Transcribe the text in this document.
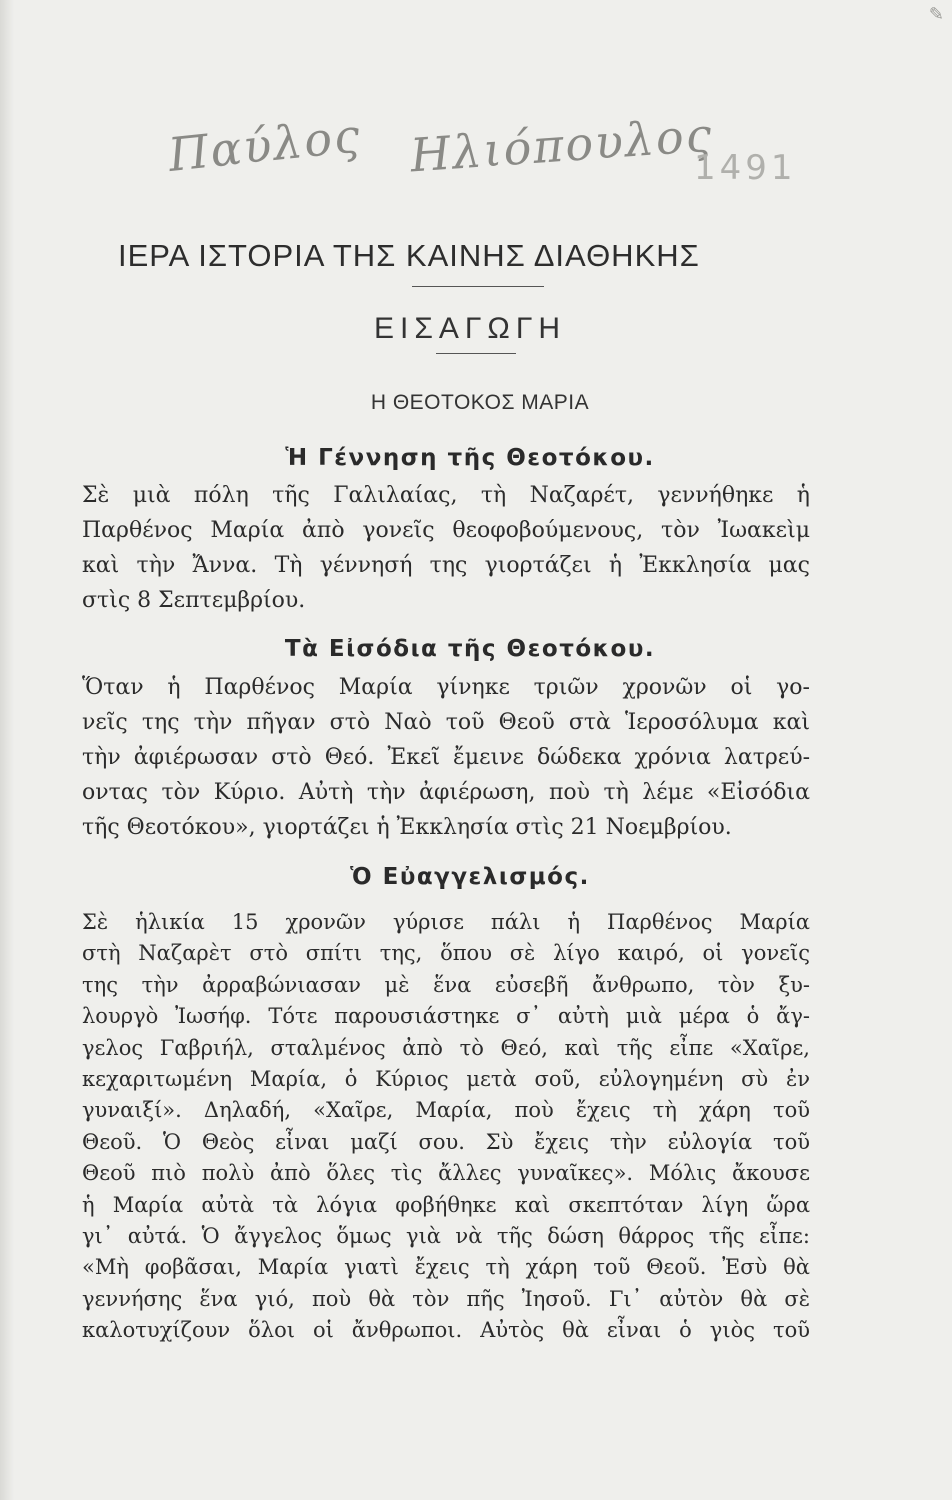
✎
Παύλος Ηλιόπουλος
1491
ΙΕΡΑ ΙΣΤΟΡΙΑ ΤΗΣ ΚΑΙΝΗΣ ΔΙΑΘΗΚΗΣ
ΕΙΣΑΓΩΓΗ
Η ΘΕΟΤΟΚΟΣ ΜΑΡΙΑ
Ἡ Γέννηση τῆς Θεοτόκου.
Σὲ μιὰ πόλη τῆς Γαλιλαίας, τὴ Ναζαρέτ, γεννήθηκε ἡ
Παρθένος Μαρία ἀπὸ γονεῖς θεοφοβούμενους, τὸν Ἰωακεὶμ
καὶ τὴν Ἄννα. Τὴ γέννησή της γιορτάζει ἡ Ἐκκλησία μας
στὶς 8 Σεπτεμβρίου.
Τὰ Εἰσόδια τῆς Θεοτόκου.
Ὅταν ἡ Παρθένος Μαρία γίνηκε τριῶν χρονῶν οἱ γο-
νεῖς της τὴν πῆγαν στὸ Ναὸ τοῦ Θεοῦ στὰ Ἱεροσόλυμα καὶ
τὴν ἀφιέρωσαν στὸ Θεό. Ἐκεῖ ἔμεινε δώδεκα χρόνια λατρεύ-
οντας τὸν Κύριο. Αὐτὴ τὴν ἀφιέρωση, ποὺ τὴ λέμε «Εἰσόδια
τῆς Θεοτόκου», γιορτάζει ἡ Ἐκκλησία στὶς 21 Νοεμβρίου.
Ὁ Εὐαγγελισμός.
Σὲ ἡλικία 15 χρονῶν γύρισε πάλι ἡ Παρθένος Μαρία
στὴ Ναζαρὲτ στὸ σπίτι της, ὅπου σὲ λίγο καιρό, οἱ γονεῖς
της τὴν ἀρραβώνιασαν μὲ ἕνα εὐσεβῆ ἄνθρωπο, τὸν ξυ-
λουργὸ Ἰωσήφ. Τότε παρουσιάστηκε σ᾽ αὐτὴ μιὰ μέρα ὁ ἄγ-
γελος Γαβριήλ, σταλμένος ἀπὸ τὸ Θεό, καὶ τῆς εἶπε «Χαῖρε,
κεχαριτωμένη Μαρία, ὁ Κύριος μετὰ σοῦ, εὐλογημένη σὺ ἐν
γυναιξί». Δηλαδή, «Χαῖρε, Μαρία, ποὺ ἔχεις τὴ χάρη τοῦ
Θεοῦ. Ὁ Θεὸς εἶναι μαζί σου. Σὺ ἔχεις τὴν εὐλογία τοῦ
Θεοῦ πιὸ πολὺ ἀπὸ ὅλες τὶς ἄλλες γυναῖκες». Μόλις ἄκουσε
ἡ Μαρία αὐτὰ τὰ λόγια φοβήθηκε καὶ σκεπτόταν λίγη ὥρα
γι᾽ αὐτά. Ὁ ἄγγελος ὅμως γιὰ νὰ τῆς δώση θάρρος τῆς εἶπε:
«Μὴ φοβᾶσαι, Μαρία γιατὶ ἔχεις τὴ χάρη τοῦ Θεοῦ. Ἐσὺ θὰ
γεννήσης ἕνα γιό, ποὺ θὰ τὸν πῆς Ἰησοῦ. Γι᾽ αὐτὸν θὰ σὲ
καλοτυχίζουν ὅλοι οἱ ἄνθρωποι. Αὐτὸς θὰ εἶναι ὁ γιὸς τοῦ
